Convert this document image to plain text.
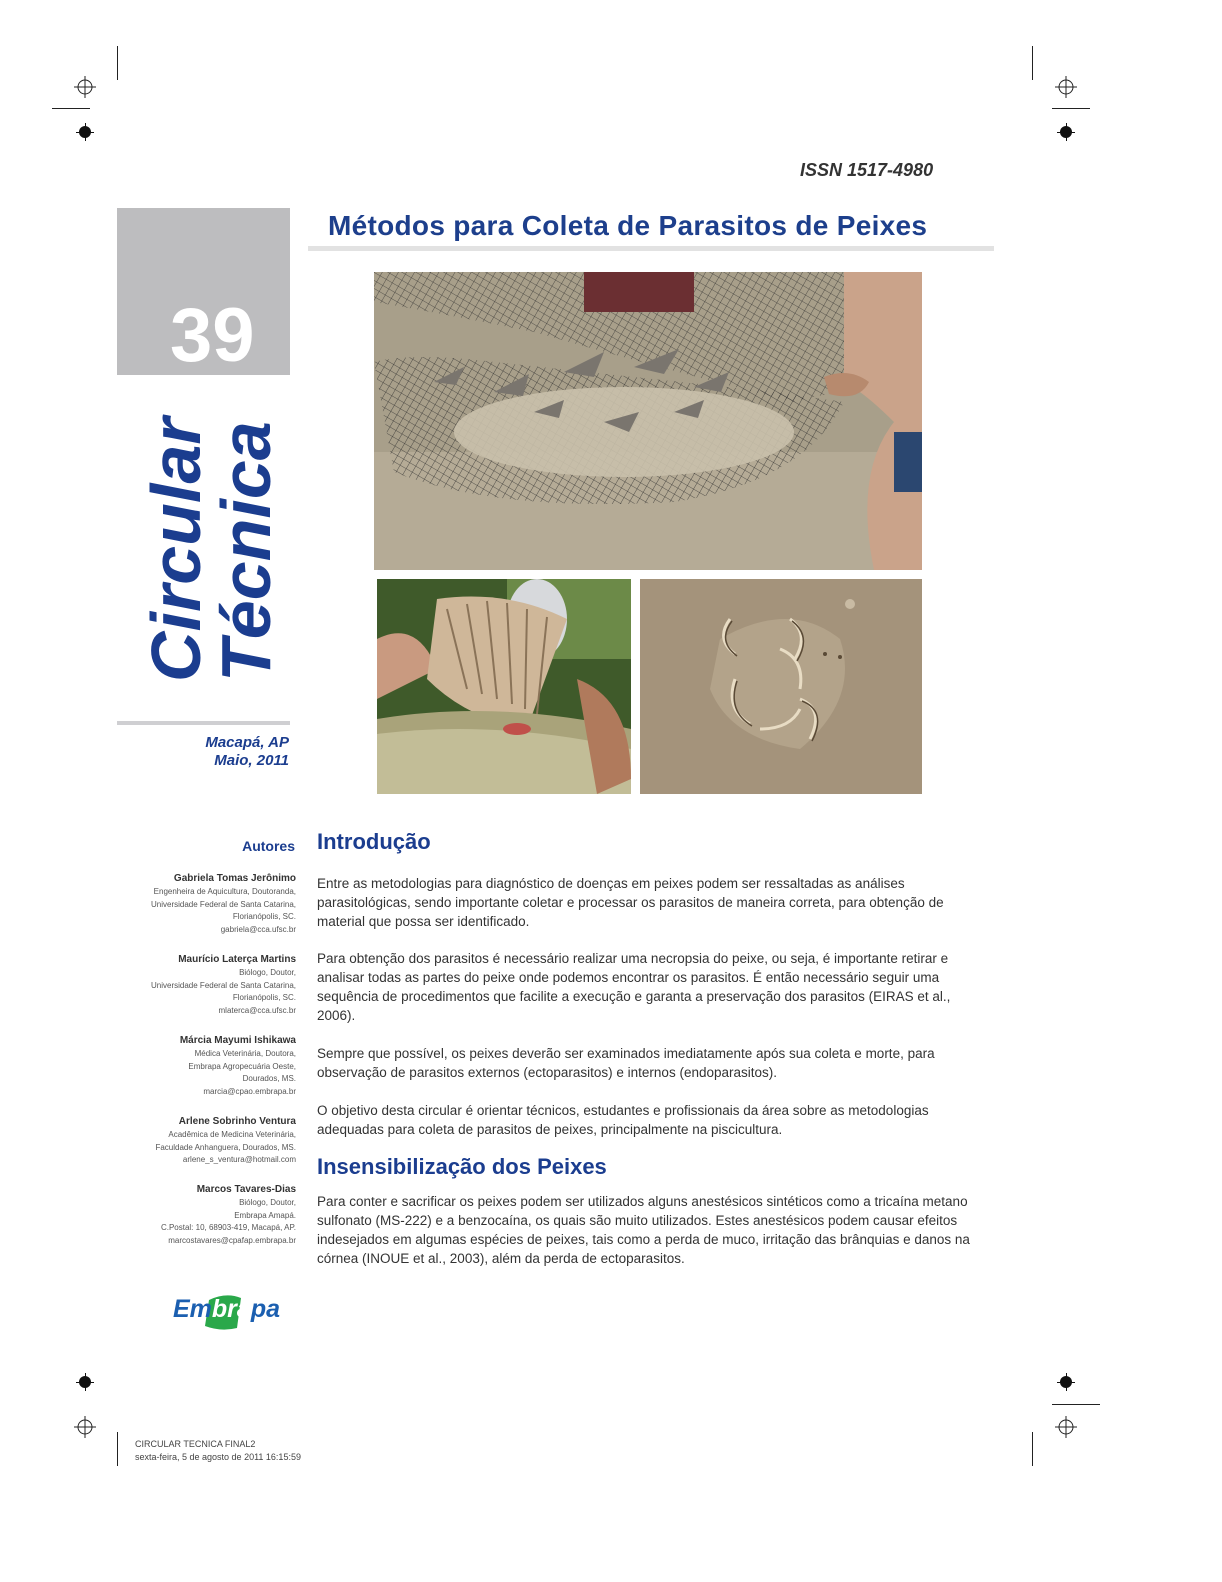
ISSN 1517-4980
Métodos para Coleta de Parasitos de Peixes
39
Circular
Técnica
Macapá, AP
Maio, 2011
Autores
Gabriela Tomas Jerônimo
Engenheira de Aquicultura, Doutoranda,
Universidade Federal de Santa Catarina,
Florianópolis, SC.
gabriela@cca.ufsc.br
Maurício Laterça Martins
Biólogo, Doutor,
Universidade Federal de Santa Catarina,
Florianópolis, SC.
mlaterca@cca.ufsc.br
Márcia Mayumi Ishikawa
Médica Veterinária, Doutora,
Embrapa Agropecuária Oeste,
Dourados, MS.
marcia@cpao.embrapa.br
Arlene Sobrinho Ventura
Acadêmica de Medicina Veterinária,
Faculdade Anhanguera, Dourados, MS.
arlene_s_ventura@hotmail.com
Marcos Tavares-Dias
Biólogo, Doutor,
Embrapa Amapá.
C.Postal: 10, 68903-419, Macapá, AP.
marcostavares@cpafap.embrapa.br
Embrapa
Introdução

Entre as metodologias para diagnóstico de doenças em peixes podem ser ressaltadas as análises parasitológicas, sendo importante coletar e processar os parasitos de maneira correta, para obtenção de material que possa ser identificado.

Para obtenção dos parasitos é necessário realizar uma necropsia do peixe, ou seja, é importante retirar e analisar todas as partes do peixe onde podemos encontrar os parasitos. É então necessário seguir uma sequência de procedimentos que facilite a execução e garanta a preservação dos parasitos (EIRAS et al., 2006).

Sempre que possível, os peixes deverão ser examinados imediatamente após sua coleta e morte, para observação de parasitos externos (ectoparasitos) e internos (endoparasitos).

O objetivo desta circular é orientar técnicos, estudantes e profissionais da área sobre as metodologias adequadas para coleta de parasitos de peixes, principalmente na piscicultura.

Insensibilização dos Peixes

Para conter e sacrificar os peixes podem ser utilizados alguns anestésicos sintéticos como a tricaína metano sulfonato (MS-222) e a benzocaína, os quais são muito utilizados. Estes anestésicos podem causar efeitos indesejados em algumas espécies de peixes, tais como a perda de muco, irritação das brânquias e danos na córnea (INOUE et al., 2003), além da perda de ectoparasitos.

CIRCULAR TECNICA FINAL2
sexta-feira, 5 de agosto de 2011 16:15:59
